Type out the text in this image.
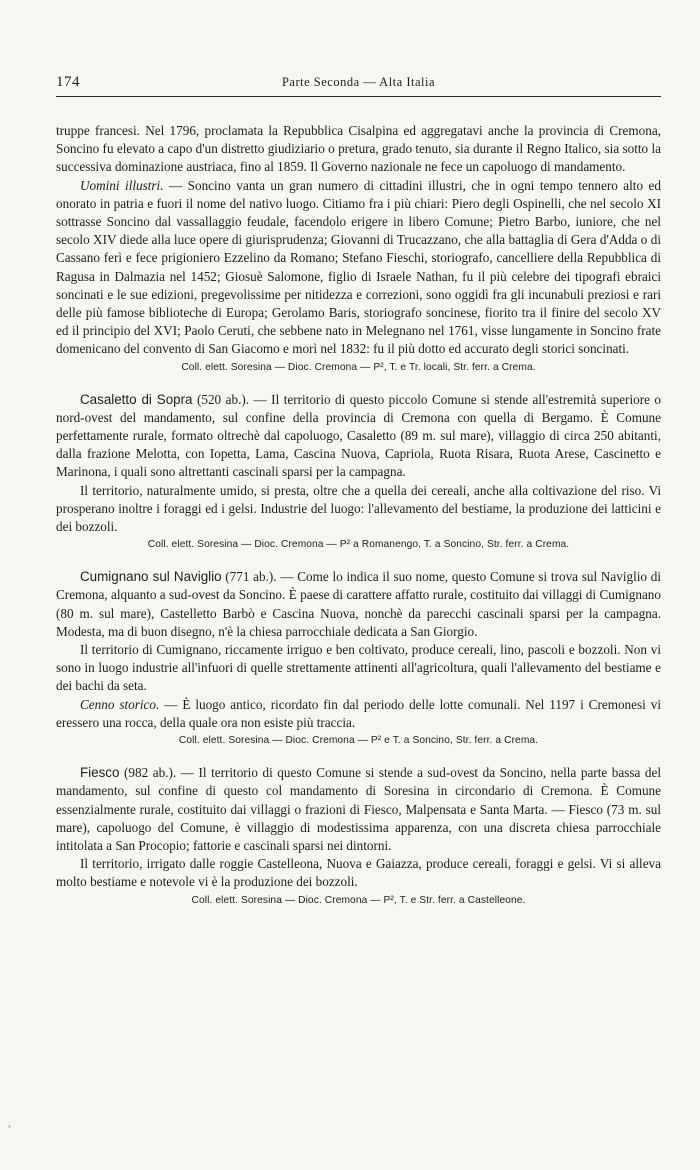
174	Parte Seconda — Alta Italia

truppe francesi. Nel 1796, proclamata la Repubblica Cisalpina ed aggregatavi anche la provincia di Cremona, Soncino fu elevato a capo d'un distretto giudiziario o pretura, grado tenuto, sia durante il Regno Italico, sia sotto la successiva dominazione austriaca, fino al 1859. Il Governo nazionale ne fece un capoluogo di mandamento.

Uomini illustri. — Soncino vanta un gran numero di cittadini illustri, che in ogni tempo tennero alto ed onorato in patria e fuori il nome del nativo luogo. Citiamo fra i più chiari: Piero degli Ospinelli, che nel secolo XI sottrasse Soncino dal vassallaggio feudale, facendolo erigere in libero Comune; Pietro Barbo, iuniore, che nel secolo XIV diede alla luce opere di giurisprudenza; Giovanni di Trucazzano, che alla battaglia di Gera d'Adda o di Cassano ferì e fece prigioniero Ezzelino da Romano; Stefano Fieschi, storiografo, cancelliere della Repubblica di Ragusa in Dalmazia nel 1452; Giosuè Salomone, figlio di Israele Nathan, fu il più celebre dei tipografi ebraici soncinati e le sue edizioni, pregevolissime per nitidezza e correzioni, sono oggidì fra gli incunabuli preziosi e rari delle più famose biblioteche di Europa; Gerolamo Baris, storiografo soncinese, fiorito tra il finire del secolo XV ed il principio del XVI; Paolo Ceruti, che sebbene nato in Melegnano nel 1761, visse lungamente in Soncino frate domenicano del convento di San Giacomo e morì nel 1832: fu il più dotto ed accurato degli storici soncinati.

Coll. elett. Soresina — Dioc. Cremona — P², T. e Tr. locali, Str. ferr. a Crema.

Casaletto di Sopra (520 ab.). — Il territorio di questo piccolo Comune si stende all'estremità superiore o nord-ovest del mandamento, sul confine della provincia di Cremona con quella di Bergamo. È Comune perfettamente rurale, formato oltrechè dal capoluogo, Casaletto (89 m. sul mare), villaggio di circa 250 abitanti, dalla frazione Melotta, con Iopetta, Lama, Cascina Nuova, Capriola, Ruota Risara, Ruota Arese, Cascinetto e Marinona, i quali sono altrettanti cascinali sparsi per la campagna.

Il territorio, naturalmente umido, si presta, oltre che a quella dei cereali, anche alla coltivazione del riso. Vi prosperano inoltre i foraggi ed i gelsi. Industrie del luogo: l'allevamento del bestiame, la produzione dei latticini e dei bozzoli.

Coll. elett. Soresina — Dioc. Cremona — P² a Romanengo, T. a Soncino, Str. ferr. a Crema.

Cumignano sul Naviglio (771 ab.). — Come lo indica il suo nome, questo Comune si trova sul Naviglio di Cremona, alquanto a sud-ovest da Soncino. È paese di carattere affatto rurale, costituito dai villaggi di Cumignano (80 m. sul mare), Castelletto Barbò e Cascina Nuova, nonchè da parecchi cascinali sparsi per la campagna. Modesta, ma di buon disegno, n'è la chiesa parrocchiale dedicata a San Giorgio.

Il territorio di Cumignano, riccamente irriguo e ben coltivato, produce cereali, lino, pascoli e bozzoli. Non vi sono in luogo industrie all'infuori di quelle strettamente attinenti all'agricoltura, quali l'allevamento del bestiame e dei bachi da seta.

Cenno storico. — È luogo antico, ricordato fin dal periodo delle lotte comunali. Nel 1197 i Cremonesi vi eressero una rocca, della quale ora non esiste più traccia.

Coll. elett. Soresina — Dioc. Cremona — P² e T. a Soncino, Str. ferr. a Crema.

Fiesco (982 ab.). — Il territorio di questo Comune si stende a sud-ovest da Soncino, nella parte bassa del mandamento, sul confine di questo col mandamento di Soresina in circondario di Cremona. È Comune essenzialmente rurale, costituito dai villaggi o frazioni di Fiesco, Malpensata e Santa Marta. — Fiesco (73 m. sul mare), capoluogo del Comune, è villaggio di modestissima apparenza, con una discreta chiesa parrocchiale intitolata a San Procopio; fattorie e cascinali sparsi nei dintorni.

Il territorio, irrigato dalle roggie Castelleona, Nuova e Gaiazza, produce cereali, foraggi e gelsi. Vi si alleva molto bestiame e notevole vi è la produzione dei bozzoli.

Coll. elett. Soresina — Dioc. Cremona — P², T. e Str. ferr. a Castelleone.
